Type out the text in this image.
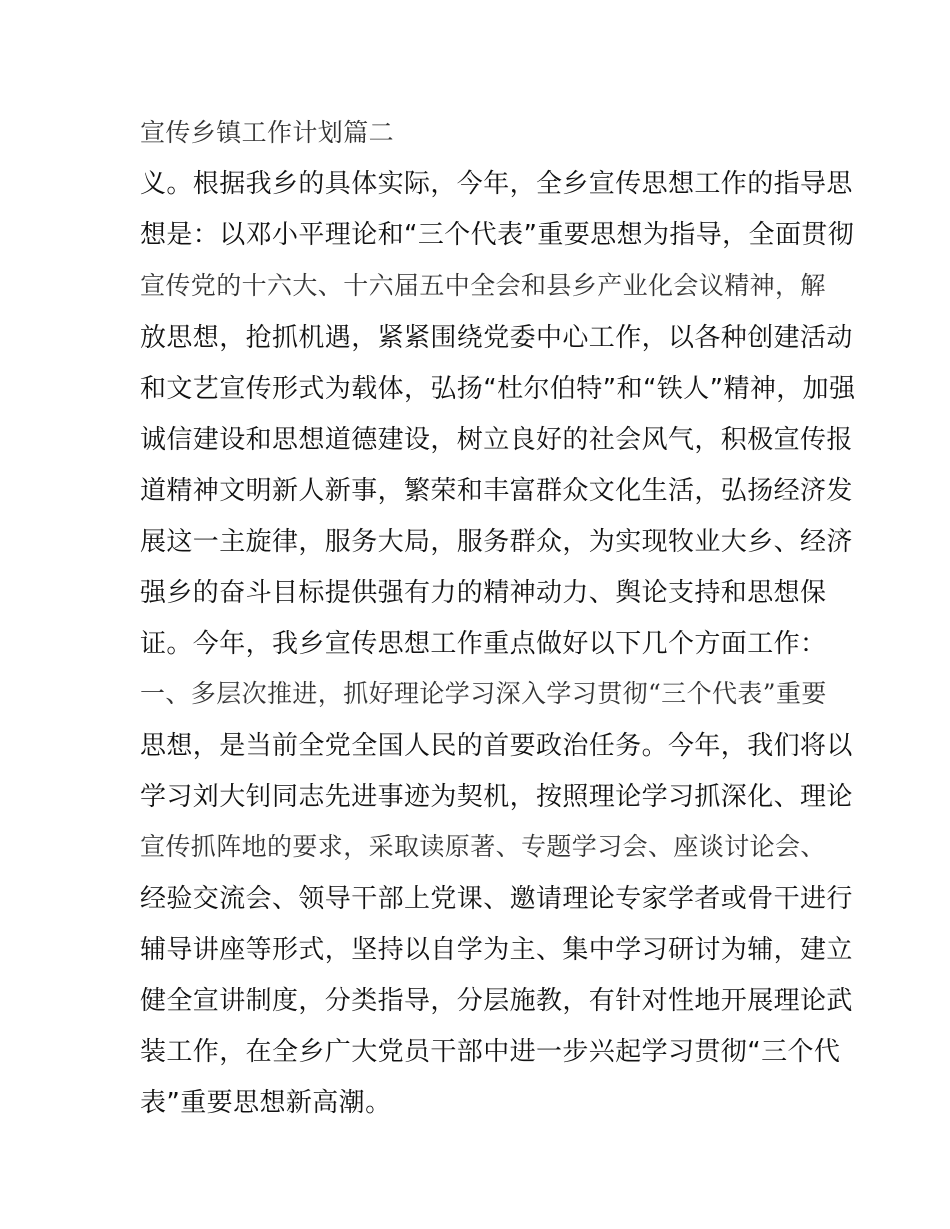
宣传乡镇工作计划篇二
义。根据我乡的具体实际，今年，全乡宣传思想工作的指导思
想是：以邓小平理论和“三个代表”重要思想为指导，全面贯彻
宣传党的十六大、十六届五中全会和县乡产业化会议精神，解
放思想，抢抓机遇，紧紧围绕党委中心工作，以各种创建活动
和文艺宣传形式为载体，弘扬“杜尔伯特”和“铁人”精神，加强
诚信建设和思想道德建设，树立良好的社会风气，积极宣传报
道精神文明新人新事，繁荣和丰富群众文化生活，弘扬经济发
展这一主旋律，服务大局，服务群众，为实现牧业大乡、经济
强乡的奋斗目标提供强有力的精神动力、舆论支持和思想保
证。今年，我乡宣传思想工作重点做好以下几个方面工作：
一、多层次推进，抓好理论学习深入学习贯彻“三个代表”重要
思想，是当前全党全国人民的首要政治任务。今年，我们将以
学习刘大钊同志先进事迹为契机，按照理论学习抓深化、理论
宣传抓阵地的要求，采取读原著、专题学习会、座谈讨论会、
经验交流会、领导干部上党课、邀请理论专家学者或骨干进行
辅导讲座等形式，坚持以自学为主、集中学习研讨为辅，建立
健全宣讲制度，分类指导，分层施教，有针对性地开展理论武
装工作，在全乡广大党员干部中进一步兴起学习贯彻“三个代
表”重要思想新高潮。
